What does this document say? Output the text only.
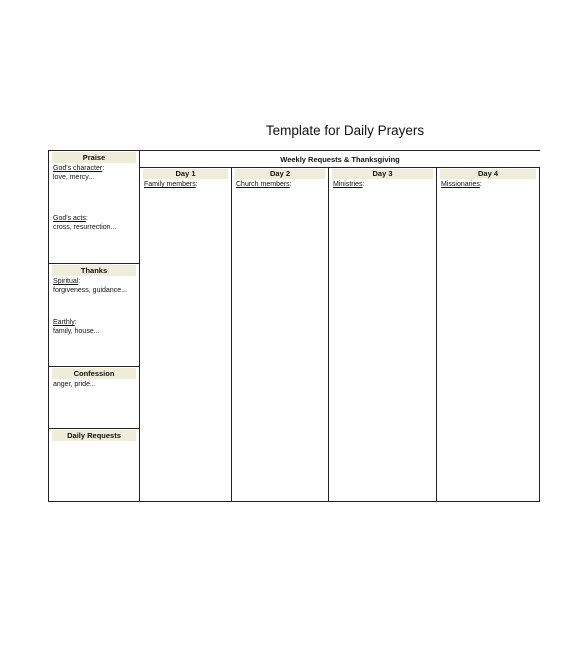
Template for Daily Prayers
Praise
God's character:
love, mercy...
God's acts:
cross, resurrection...
Thanks
Spiritual:
forgiveness, guidance...
Earthly:
family, house...
Confession
anger, pride...
Daily Requests
Weekly Requests & Thanksgiving
Day 1
Family members:
Day 2
Church members:
Day 3
Ministries:
Day 4
Missionaries:
